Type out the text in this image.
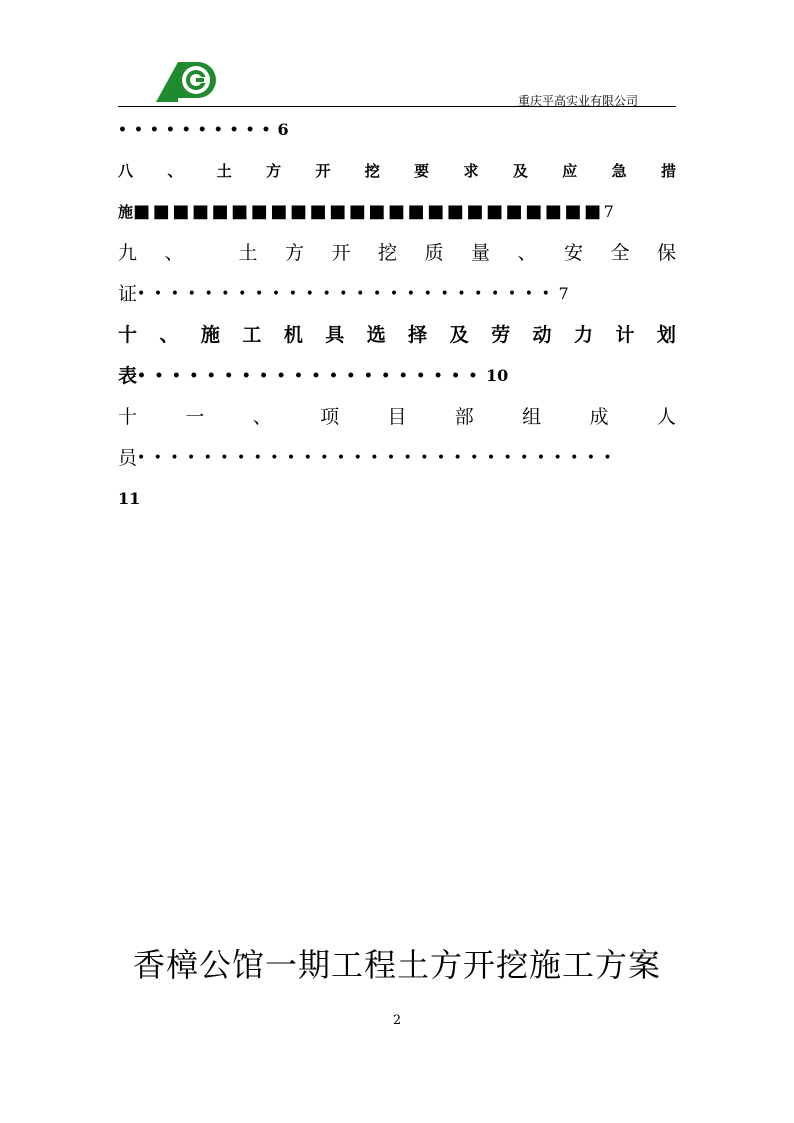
重庆平高实业有限公司
•••••••••• 6
八 、 土 方 开 挖 要 求 及 应 急 措
施 ■■■■■■■■■■■■■■■■■■■■■■■■ 7
九 、	土 方 开 挖 质 量 、 安 全 保
证 ••••••••••••••••••••••••• 7
十 、 施 工 机 具 选 择 及 劳 动 力 计 划
表 •••••••••••••••••••• 10
十	一	、	项	目	部	组	成	人
员 •••••••••••••••••••••••••••••
11
香樟公馆一期工程土方开挖施工方案
2
